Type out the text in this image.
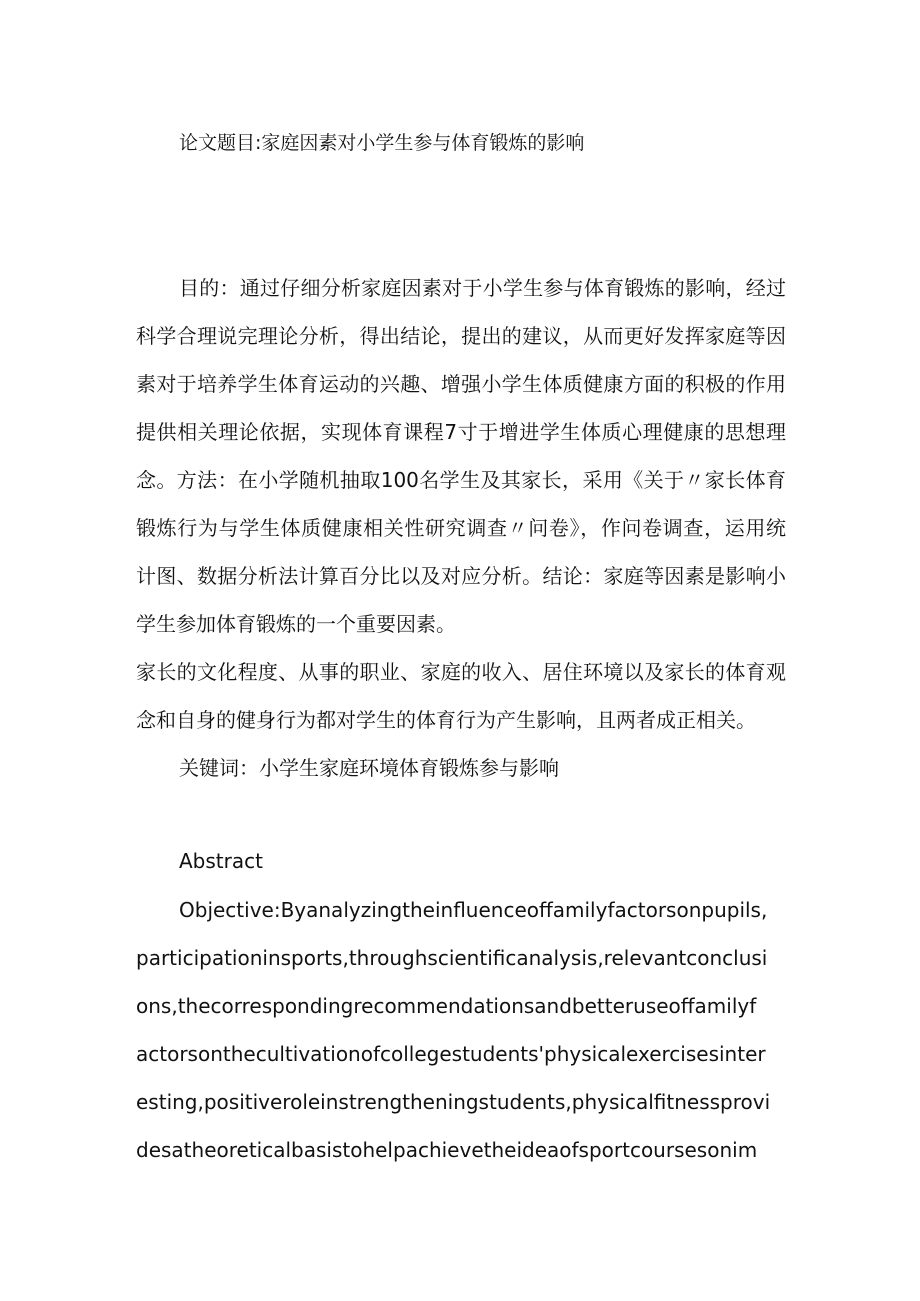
论文题目:家庭因素对小学生参与体育锻炼的影响
目的：通过仔细分析家庭因素对于小学生参与体育锻炼的影响，经过
科学合理说完理论分析，得出结论，提出的建议，从而更好发挥家庭等因
素对于培养学生体育运动的兴趣、增强小学生体质健康方面的积极的作用
提供相关理论依据，实现体育课程7寸于增进学生体质心理健康的思想理
念。方法：在小学随机抽取100名学生及其家长，采用《关于〃家长体育
锻炼行为与学生体质健康相关性研究调查〃问卷》，作问卷调查，运用统
计图、数据分析法计算百分比以及对应分析。结论：家庭等因素是影响小
学生参加体育锻炼的一个重要因素。
家长的文化程度、从事的职业、家庭的收入、居住环境以及家长的体育观
念和自身的健身行为都对学生的体育行为产生影响，且两者成正相关。
关键词：小学生家庭环境体育锻炼参与影响
Abstract
Objective:Byanalyzingtheinfluenceoffamilyfactorsonpupils,
participationinsports,throughscientificanalysis,relevantconclusi
ons,thecorrespondingrecommendationsandbetteruseoffamilyf
actorsonthecultivationofcollegestudents'physicalexercisesinter
esting,positiveroleinstrengtheningstudents,physicalfitnessprovi
desatheoreticalbasistohelpachievetheideaofsportcoursesonim
